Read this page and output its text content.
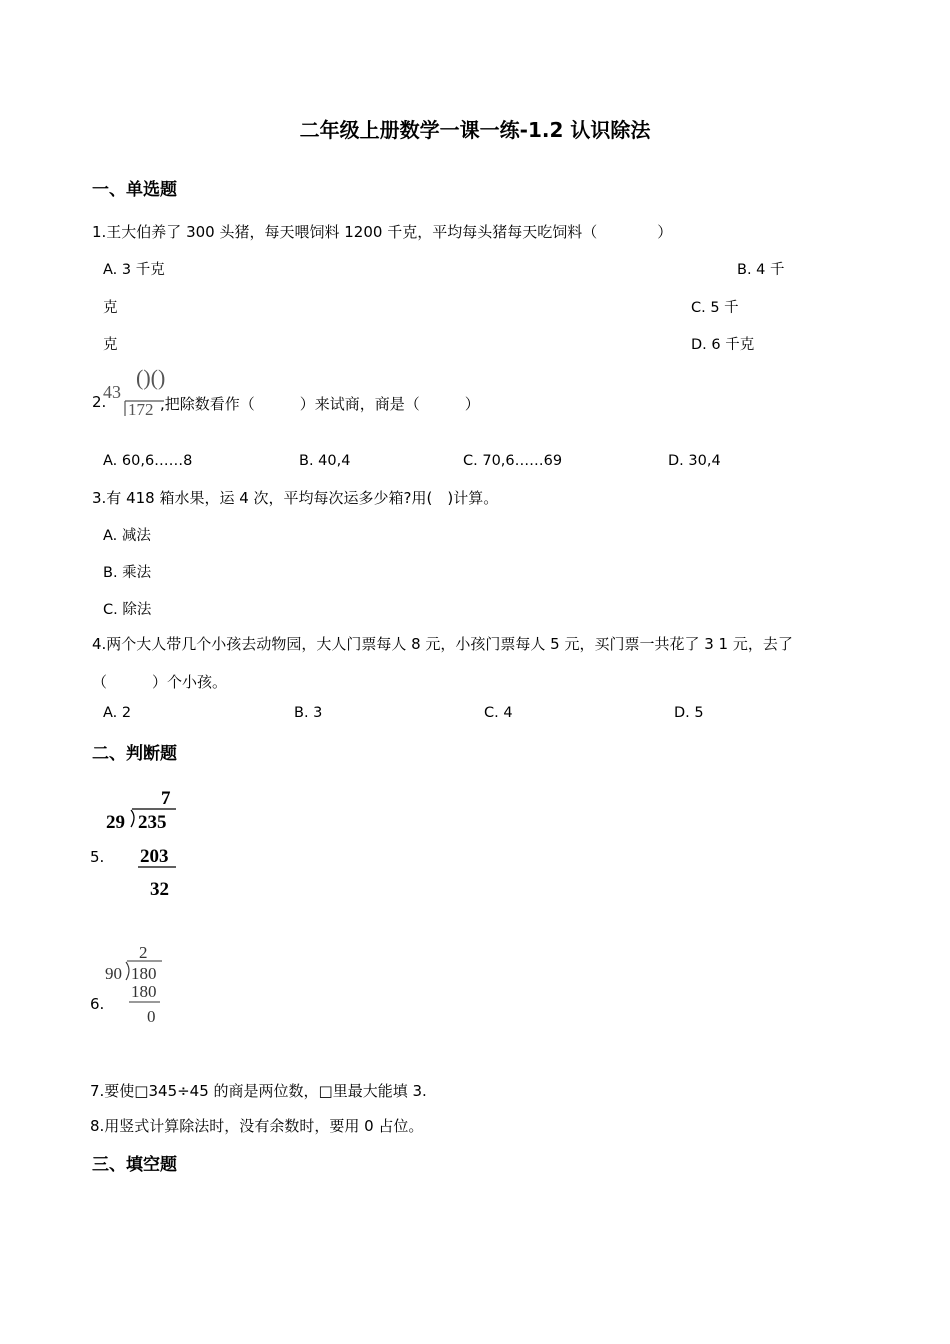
二年级上册数学一课一练-1.2 认识除法
一、单选题
1.王大伯养了 300 头猪，每天喂饲料 1200 千克，平均每头猪每天吃饲料（　　　　）
A. 3 千克	B. 4 千
克	C. 5 千
克	D. 6 千克
2.
43
()()
172 ,把除数看作（　　　）来试商，商是（　　　）
A. 60,6……8	B. 40,4	C. 70,6……69	D. 30,4
3.有 418 箱水果，运 4 次，平均每次运多少箱?用(　)计算。
A. 减法
B. 乘法
C. 除法
4.两个大人带几个小孩去动物园，大人门票每人 8 元，小孩门票每人 5 元，买门票一共花了 3 1 元，去了
（　　　）个小孩。
A. 2	B. 3	C. 4	D. 5
二、判断题
5.
7
29 235
203
32
6.
2
90 180
180
0
7.要使□345÷45 的商是两位数，□里最大能填 3.
8.用竖式计算除法时，没有余数时，要用 0 占位。
三、填空题
